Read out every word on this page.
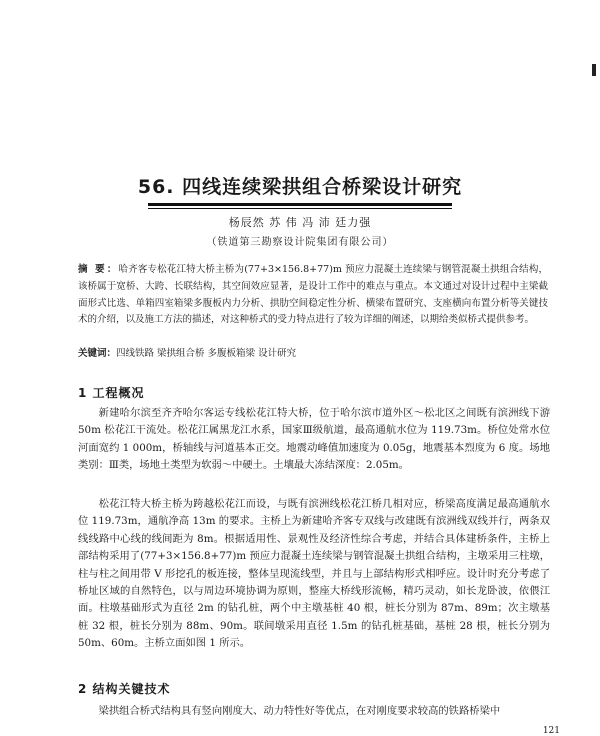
56. 四线连续梁拱组合桥梁设计研究
杨辰然 苏 伟 冯 沛 廷力强
（铁道第三勘察设计院集团有限公司）

摘 要：哈齐客专松花江特大桥主桥为(77+3×156.8+77)m 预应力混凝土连续梁与钢管混凝土拱组合结构，该桥属于宽桥、大跨、长联结构，其空间效应显著，是设计工作中的难点与重点。本文通过对设计过程中主梁截面形式比选、单箱四室箱梁多腹板内力分析、拱肋空间稳定性分析、横梁布置研究、支座横向布置分析等关键技术的介绍，以及施工方法的描述，对这种桥式的受力特点进行了较为详细的阐述，以期给类似桥式提供参考。

关键词：四线铁路 梁拱组合桥 多腹板箱梁 设计研究

1 工程概况

新建哈尔滨至齐齐哈尔客运专线松花江特大桥，位于哈尔滨市道外区～松北区之间既有滨洲线下游 50m 松花江干流处。松花江属黑龙江水系，国家Ⅲ级航道，最高通航水位为 119.73m。桥位处常水位河面宽约 1 000m，桥轴线与河道基本正交。地震动峰值加速度为 0.05g，地震基本烈度为 6 度。场地类别：Ⅲ类，场地土类型为软弱～中硬土。土壤最大冻结深度：2.05m。

松花江特大桥主桥为跨越松花江而设，与既有滨洲线松花江桥几相对应，桥梁高度满足最高通航水位 119.73m，通航净高 13m 的要求。主桥上为新建哈齐客专双线与改建既有滨洲线双线并行，两条双线线路中心线的线间距为 8m。根据适用性、景观性及经济性综合考虑，并结合具体建桥条件，主桥上部结构采用了(77+3×156.8+77)m 预应力混凝土连续梁与钢管混凝土拱组合结构，主墩采用三柱墩，柱与柱之间用带 V 形挖孔的板连接，整体呈现流线型，并且与上部结构形式相呼应。设计时充分考虑了桥址区域的自然特色，以与周边环境协调为原则，整座大桥线形流畅，精巧灵动，如长龙卧波，依偎江面。柱墩基础形式为直径 2m 的钻孔桩，两个中主墩基桩 40 根，桩长分别为 87m、89m；次主墩基桩 32 根，桩长分别为 88m、90m。联间墩采用直径 1.5m 的钻孔桩基础，基桩 28 根，桩长分别为 50m、60m。主桥立面如图 1 所示。

2 结构关键技术

梁拱组合桥式结构具有竖向刚度大、动力特性好等优点，在对刚度要求较高的铁路桥梁中

121
